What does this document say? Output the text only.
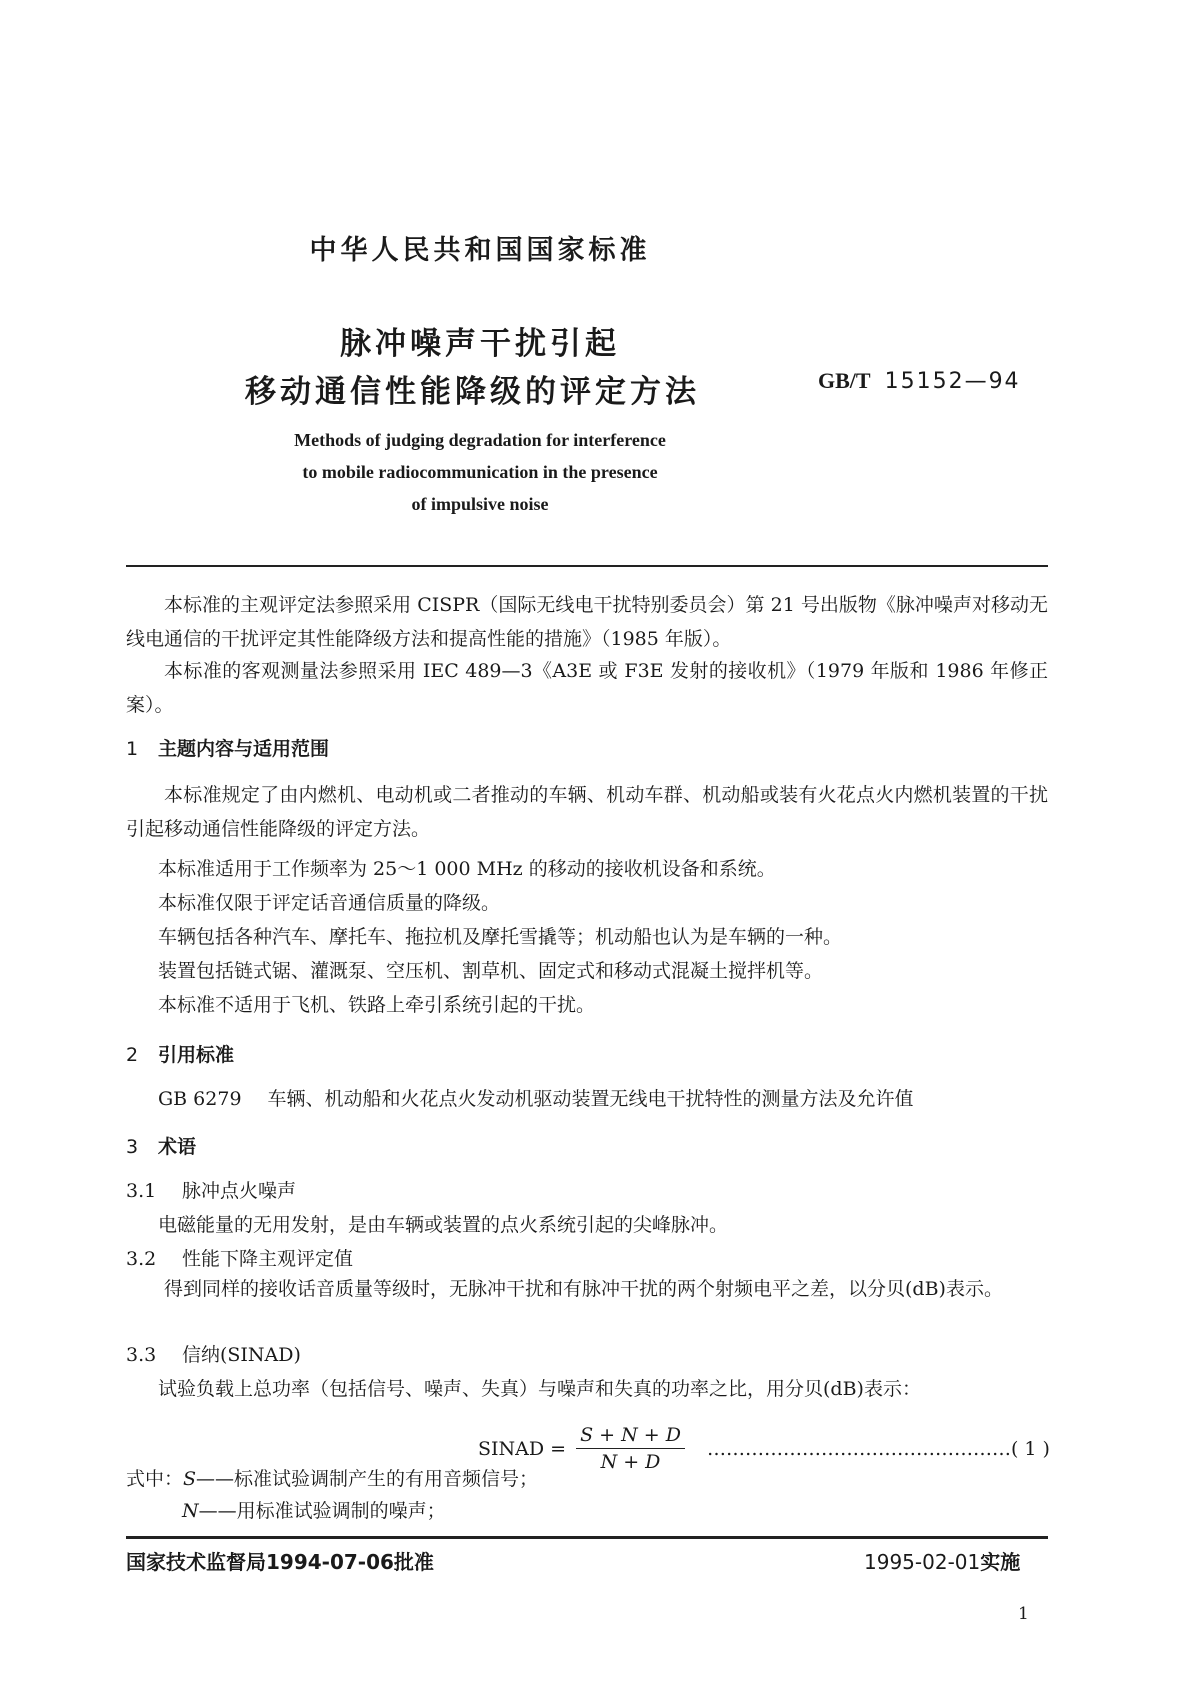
中华人民共和国国家标准
脉冲噪声干扰引起
移动通信性能降级的评定方法	GB/T 15152—94
Methods of judging degradation for interference
to mobile radiocommunication in the presence
of impulsive noise
本标准的主观评定法参照采用 CISPR（国际无线电干扰特别委员会）第 21 号出版物《脉冲噪声对移动无线电通信的干扰评定其性能降级方法和提高性能的措施》（1985 年版）。
本标准的客观测量法参照采用 IEC 489—3《A3E 或 F3E 发射的接收机》（1979 年版和 1986 年修正案）。
1 主题内容与适用范围
本标准规定了由内燃机、电动机或二者推动的车辆、机动车群、机动船或装有火花点火内燃机装置的干扰引起移动通信性能降级的评定方法。
本标准适用于工作频率为 25～1 000 MHz 的移动的接收机设备和系统。
本标准仅限于评定话音通信质量的降级。
车辆包括各种汽车、摩托车、拖拉机及摩托雪撬等；机动船也认为是车辆的一种。
装置包括链式锯、灌溉泵、空压机、割草机、固定式和移动式混凝土搅拌机等。
本标准不适用于飞机、铁路上牵引系统引起的干扰。
2 引用标准
GB 6279 车辆、机动船和火花点火发动机驱动装置无线电干扰特性的测量方法及允许值
3 术语
3.1 脉冲点火噪声
电磁能量的无用发射，是由车辆或装置的点火系统引起的尖峰脉冲。
3.2 性能下降主观评定值
得到同样的接收话音质量等级时，无脉冲干扰和有脉冲干扰的两个射频电平之差，以分贝(dB)表示。
3.3 信纳(SINAD)
试验负载上总功率（包括信号、噪声、失真）与噪声和失真的功率之比，用分贝(dB)表示：
SINAD = $\frac{S + N + D}{N + D}$ ………………………………………… ( 1 )
式中：S——标准试验调制产生的有用音频信号；
N——用标准试验调制的噪声；
国家技术监督局1994-07-06批准	1995-02-01实施
1
